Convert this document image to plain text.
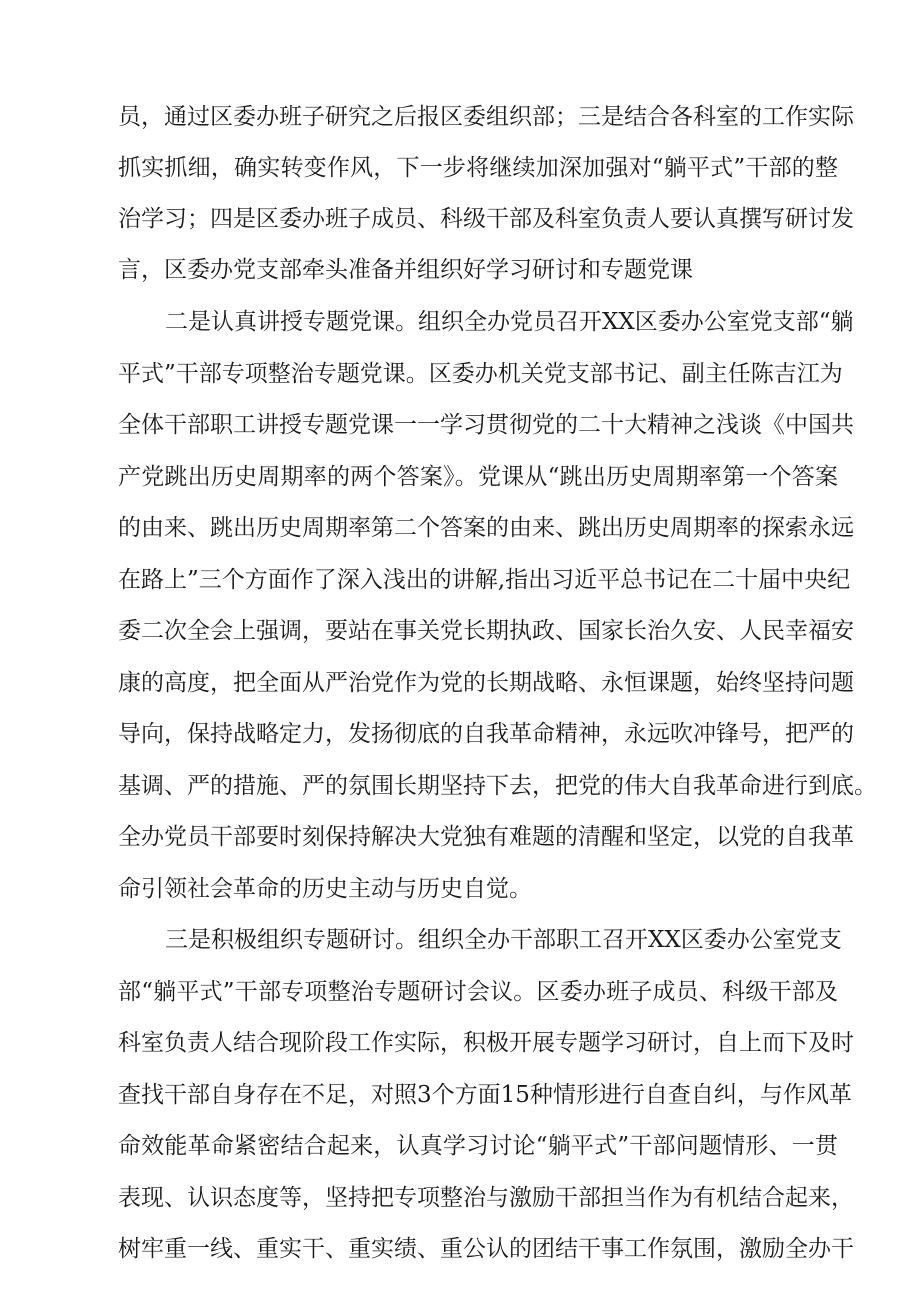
员，通过区委办班子研究之后报区委组织部；三是结合各科室的工作实际
抓实抓细，确实转变作风，下一步将继续加深加强对“躺平式”干部的整
治学习；四是区委办班子成员、科级干部及科室负责人要认真撰写研讨发
言，区委办党支部牵头准备并组织好学习研讨和专题党课
二是认真讲授专题党课。组织全办党员召开XX区委办公室党支部“躺
平式”干部专项整治专题党课。区委办机关党支部书记、副主任陈吉江为
全体干部职工讲授专题党课一一学习贯彻党的二十大精神之浅谈《中国共
产党跳出历史周期率的两个答案》。党课从“跳出历史周期率第一个答案
的由来、跳出历史周期率第二个答案的由来、跳出历史周期率的探索永远
在路上”三个方面作了深入浅出的讲解,指出习近平总书记在二十届中央纪
委二次全会上强调，要站在事关党长期执政、国家长治久安、人民幸福安
康的高度，把全面从严治党作为党的长期战略、永恒课题，始终坚持问题
导向，保持战略定力，发扬彻底的自我革命精神，永远吹冲锋号，把严的
基调、严的措施、严的氛围长期坚持下去，把党的伟大自我革命进行到底。
全办党员干部要时刻保持解决大党独有难题的清醒和坚定，以党的自我革
命引领社会革命的历史主动与历史自觉。
三是积极组织专题研讨。组织全办干部职工召开XX区委办公室党支
部“躺平式”干部专项整治专题研讨会议。区委办班子成员、科级干部及
科室负责人结合现阶段工作实际，积极开展专题学习研讨，自上而下及时
查找干部自身存在不足，对照3个方面15种情形进行自查自纠，与作风革
命效能革命紧密结合起来，认真学习讨论“躺平式”干部问题情形、一贯
表现、认识态度等，坚持把专项整治与激励干部担当作为有机结合起来，
树牢重一线、重实干、重实绩、重公认的团结干事工作氛围，激励全办干
